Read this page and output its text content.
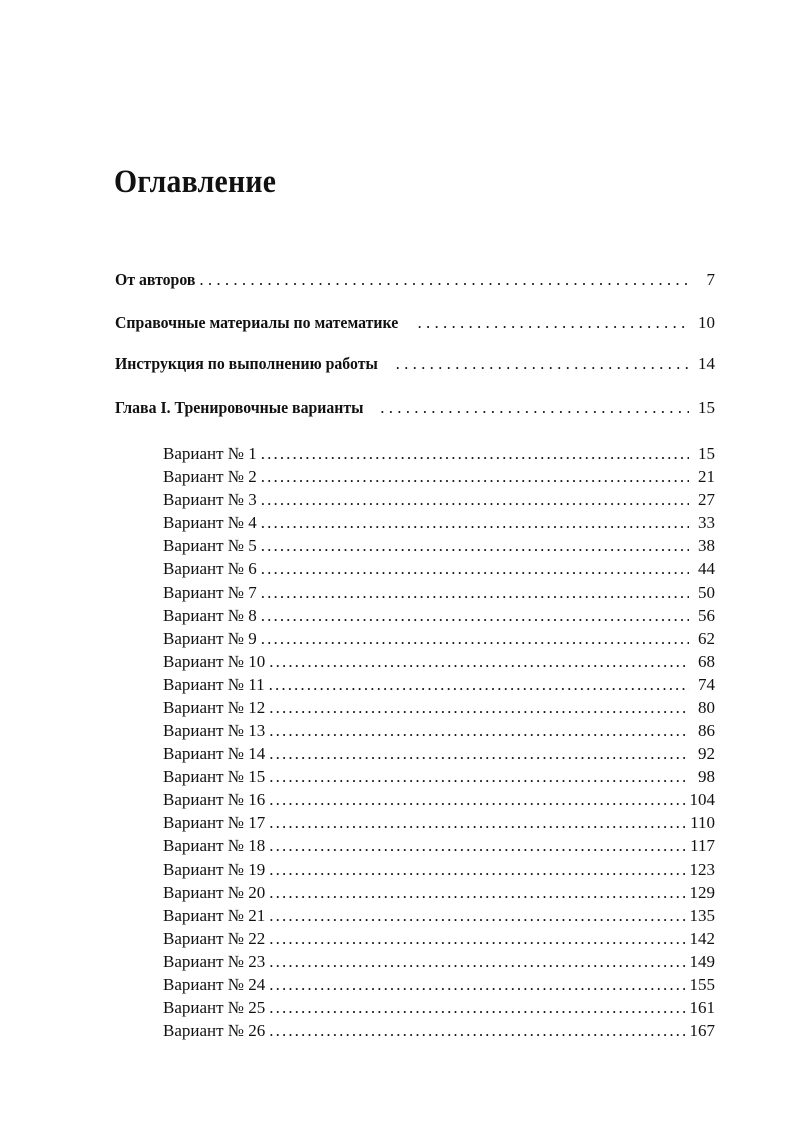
Оглавление
От авторов . . .	7
Справочные материалы по математике . . .	10
Инструкция по выполнению работы . . .	14
Глава I. Тренировочные варианты . . .	15
Вариант № 1 .....	15
Вариант № 2 .....	21
Вариант № 3 .....	27
Вариант № 4 .....	33
Вариант № 5 .....	38
Вариант № 6 .....	44
Вариант № 7 .....	50
Вариант № 8 .....	56
Вариант № 9 .....	62
Вариант № 10 .....	68
Вариант № 11 .....	74
Вариант № 12 .....	80
Вариант № 13 .....	86
Вариант № 14 .....	92
Вариант № 15 .....	98
Вариант № 16 .....	104
Вариант № 17 .....	110
Вариант № 18 .....	117
Вариант № 19 .....	123
Вариант № 20 .....	129
Вариант № 21 .....	135
Вариант № 22 .....	142
Вариант № 23 .....	149
Вариант № 24 .....	155
Вариант № 25 .....	161
Вариант № 26 .....	167
